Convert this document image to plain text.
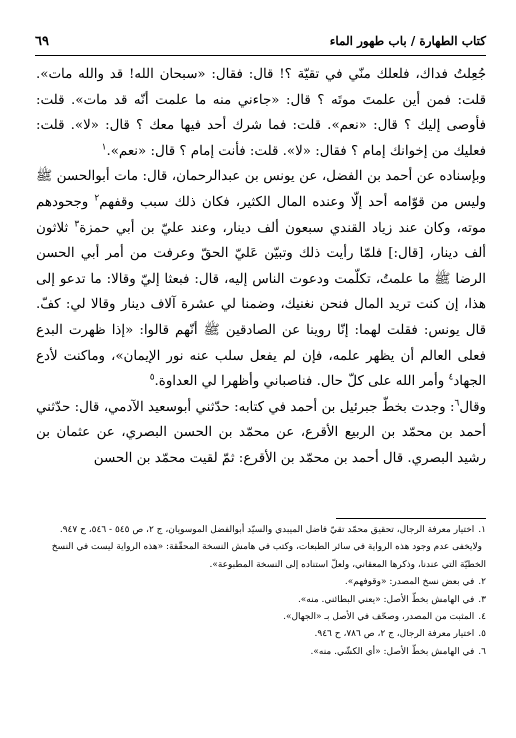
كتاب الطهارة / باب طهور الماء
٦٩

جُعِلتُ فداك، فلعلك منّي في تقيّة ؟! قال: فقال: «سبحان الله! قد والله مات». قلت: فمن أين علمتَ موتَه ؟ قال: «جاءني منه ما علمت أنّه قد مات». قلت: فأوصى إليك ؟ قال: «نعم». قلت: فما شرك أحد فيها معك ؟ قال: «لا». قلت: فعليك من إخوانك إمام ؟ فقال: «لا». قلت: فأنت إمام ؟ قال: «نعم».$^١$

وبإسناده عن أحمد بن الفضل، عن يونس بن عبدالرحمان، قال: مات أبوالحسن ﷺ وليس من قوّامه أحد إلّا وعنده المال الكثير، فكان ذلك سبب وقفهم$^٢$ وجحودهم موته، وكان عند زياد القندي سبعون ألف دينار، وعند عليّ بن أبي حمزة$^٣$ ثلاثون ألف دينار، [قال:] فلمّا رأيت ذلك وتبيّن عَليّ الحقّ وعرفت من أمر أبي الحسن الرضا ﷺ ما علمتُ، تكلّمت ودعوت الناس إليه، قال: فبعثا إليّ وقالا: ما تدعو إلى هذا، إن كنت تريد المال فنحن نغنيك، وضمنا لي عشرة آلاف دينار وقالا لي: كفّ. قال يونس: فقلت لهما: إنّا روينا عن الصادقين ﷺ أنّهم قالوا: «إذا ظهرت البدع فعلى العالم أن يظهر علمه، فإن لم يفعل سلب عنه نور الإيمان»، وماكنت لأدع الجهاد$^٤$ وأمر الله على كلّ حال. فناصباني وأظهرا لي العداوة.$^٥$

وقال$^٦$: وجدت بخطّ جبرئيل بن أحمد في كتابه: حدّثني أبوسعيد الآدمي، قال: حدّثني أحمد بن محمّد بن الربيع الأقرع، عن محمّد بن الحسن البصري، عن عثمان بن رشيد البصري. قال أحمد بن محمّد بن الأقرع: ثمّ لقيت محمّد بن الحسن

١.اختيار معرفة الرجال، تحقيق محمّد تقيّ فاضل الميبدي والسيّد أبوالفضل الموسويان، ج ٢، ص ٥٤٥ - ٥٤٦، ح ٩٤٧.

ولايخفى عدم وجود هذه الرواية في سائر الطبعات، وكتب في هامش النسخة المحقّقة: «هذه الرواية ليست في النسخ الخطيّة التي عندنا، وذكرها المعقاني، ولعلّ استناده إلى النسخة المطبوعة».

٢.في بعض نسخ المصدر: «وقوفهم».

٣.في الهامش بخطّ الأصل: «يعني البطائني. منه».

٤.المثبت من المصدر، وصحّف في الأصل بـ «الجهال».

٥.اختيار معرفة الرجال، ج ٢، ص ٧٨٦، ح ٩٤٦.

٦.في الهامش بخطّ الأصل: «أي الكشّي. منه».
